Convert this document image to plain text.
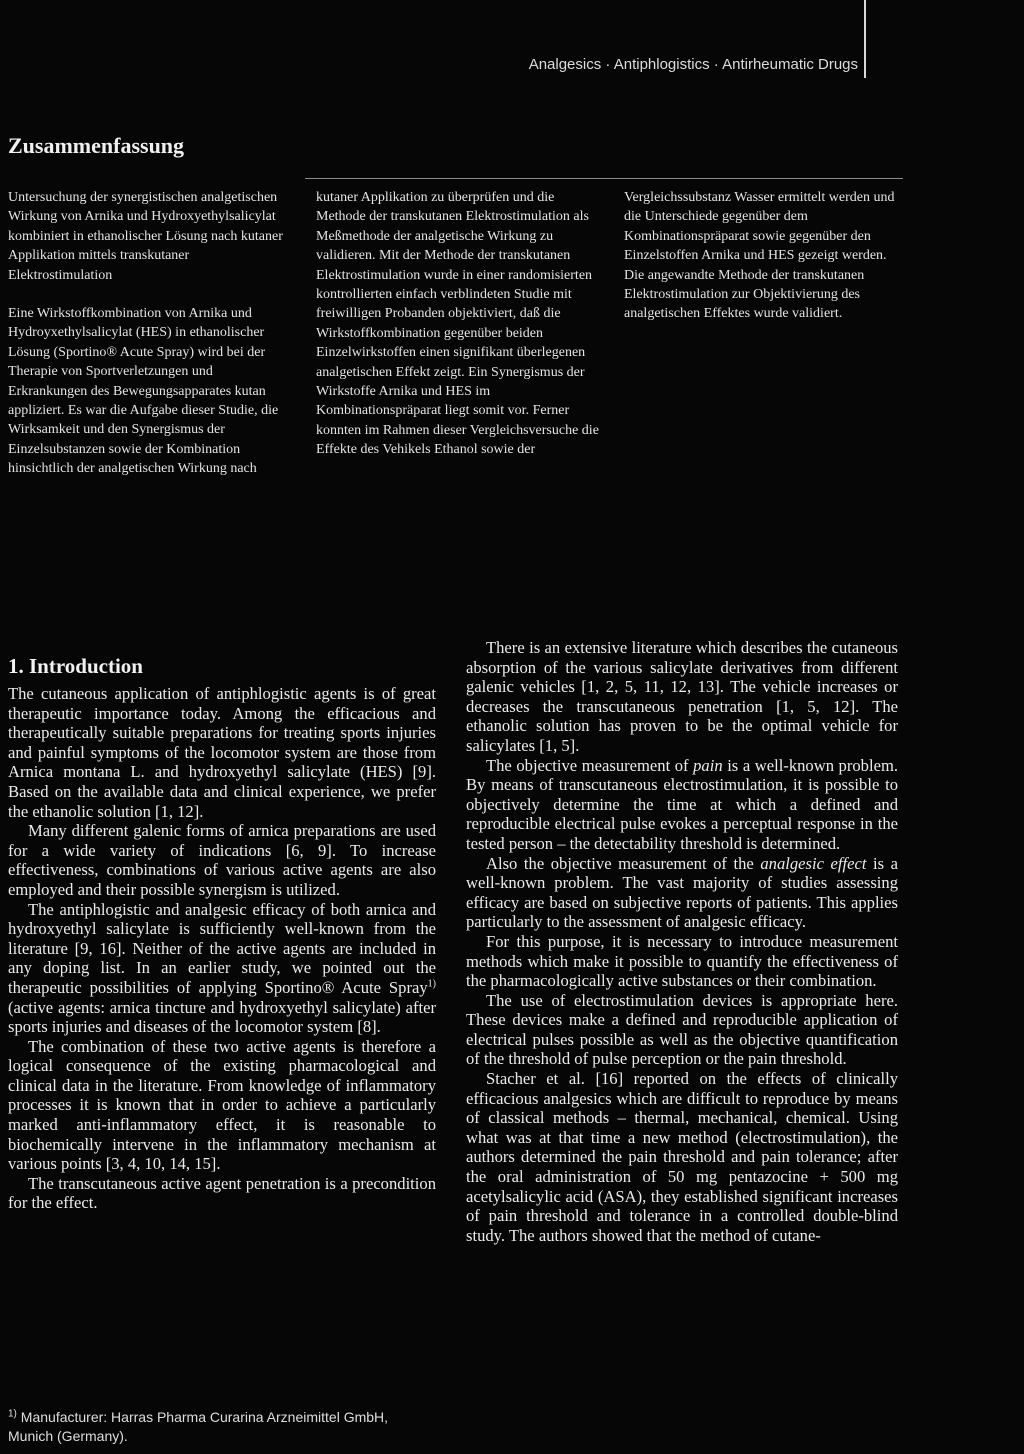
Analgesics · Antiphlogistics · Antirheumatic Drugs
Zusammenfassung

Untersuchung der synergistischen analgetischen Wirkung von Arnika und Hydroxyethylsalicylat kombiniert in ethanolischer Lösung nach kutaner Applikation mittels transkutaner Elektrostimulation

Eine Wirkstoffkombination von Arnika und Hydroyxethylsalicylat (HES) in ethanolischer Lösung (Sportino® Acute Spray) wird bei der Therapie von Sportverletzungen und Erkrankungen des Bewegungsapparates kutan appliziert. Es war die Aufgabe dieser Studie, die Wirksamkeit und den Synergismus der Einzelsubstanzen sowie der Kombination hinsichtlich der analgetischen Wirkung nach

kutaner Applikation zu überprüfen und die Methode der transkutanen Elektrostimulation als Meßmethode der analgetische Wirkung zu validieren. Mit der Methode der transkutanen Elektrostimulation wurde in einer randomisierten kontrollierten einfach verblindeten Studie mit freiwilligen Probanden objektiviert, daß die Wirkstoffkombination gegenüber beiden Einzelwirkstoffen einen signifikant überlegenen analgetischen Effekt zeigt. Ein Synergismus der Wirkstoffe Arnika und HES im Kombinationspräparat liegt somit vor. Ferner konnten im Rahmen dieser Vergleichsversuche die Effekte des Vehikels Ethanol sowie der

Vergleichssubstanz Wasser ermittelt werden und die Unterschiede gegenüber dem Kombinationspräparat sowie gegenüber den Einzelstoffen Arnika und HES gezeigt werden. Die angewandte Methode der transkutanen Elektrostimulation zur Objektivierung des analgetischen Effektes wurde validiert.

1. Introduction

The cutaneous application of antiphlogistic agents is of great therapeutic importance today. Among the efficacious and therapeutically suitable preparations for treating sports injuries and painful symptoms of the locomotor system are those from Arnica montana L. and hydroxyethyl salicylate (HES) [9]. Based on the available data and clinical experience, we prefer the ethanolic solution [1, 12].

Many different galenic forms of arnica preparations are used for a wide variety of indications [6, 9]. To increase effectiveness, combinations of various active agents are also employed and their possible synergism is utilized.

The antiphlogistic and analgesic efficacy of both arnica and hydroxyethyl salicylate is sufficiently well-known from the literature [9, 16]. Neither of the active agents are included in any doping list. In an earlier study, we pointed out the therapeutic possibilities of applying Sportino® Acute Spray$^{1)}$ (active agents: arnica tincture and hydroxyethyl salicylate) after sports injuries and diseases of the locomotor system [8].

The combination of these two active agents is therefore a logical consequence of the existing pharmacological and clinical data in the literature. From knowledge of inflammatory processes it is known that in order to achieve a particularly marked anti-inflammatory effect, it is reasonable to biochemically intervene in the inflammatory mechanism at various points [3, 4, 10, 14, 15].

The transcutaneous active agent penetration is a precondition for the effect.

$^{1)}$ Manufacturer: Harras Pharma Curarina Arzneimittel GmbH, Munich (Germany).

There is an extensive literature which describes the cutaneous absorption of the various salicylate derivatives from different galenic vehicles [1, 2, 5, 11, 12, 13]. The vehicle increases or decreases the transcutaneous penetration [1, 5, 12]. The ethanolic solution has proven to be the optimal vehicle for salicylates [1, 5].

The objective measurement of pain is a well-known problem. By means of transcutaneous electrostimulation, it is possible to objectively determine the time at which a defined and reproducible electrical pulse evokes a perceptual response in the tested person – the detectability threshold is determined.

Also the objective measurement of the analgesic effect is a well-known problem. The vast majority of studies assessing efficacy are based on subjective reports of patients. This applies particularly to the assessment of analgesic efficacy.

For this purpose, it is necessary to introduce measurement methods which make it possible to quantify the effectiveness of the pharmacologically active substances or their combination.

The use of electrostimulation devices is appropriate here. These devices make a defined and reproducible application of electrical pulses possible as well as the objective quantification of the threshold of pulse perception or the pain threshold.

Stacher et al. [16] reported on the effects of clinically efficacious analgesics which are difficult to reproduce by means of classical methods – thermal, mechanical, chemical. Using what was at that time a new method (electrostimulation), the authors determined the pain threshold and pain tolerance; after the oral administration of 50 mg pentazocine + 500 mg acetylsalicylic acid (ASA), they established significant increases of pain threshold and tolerance in a controlled double-blind study. The authors showed that the method of cutane-
